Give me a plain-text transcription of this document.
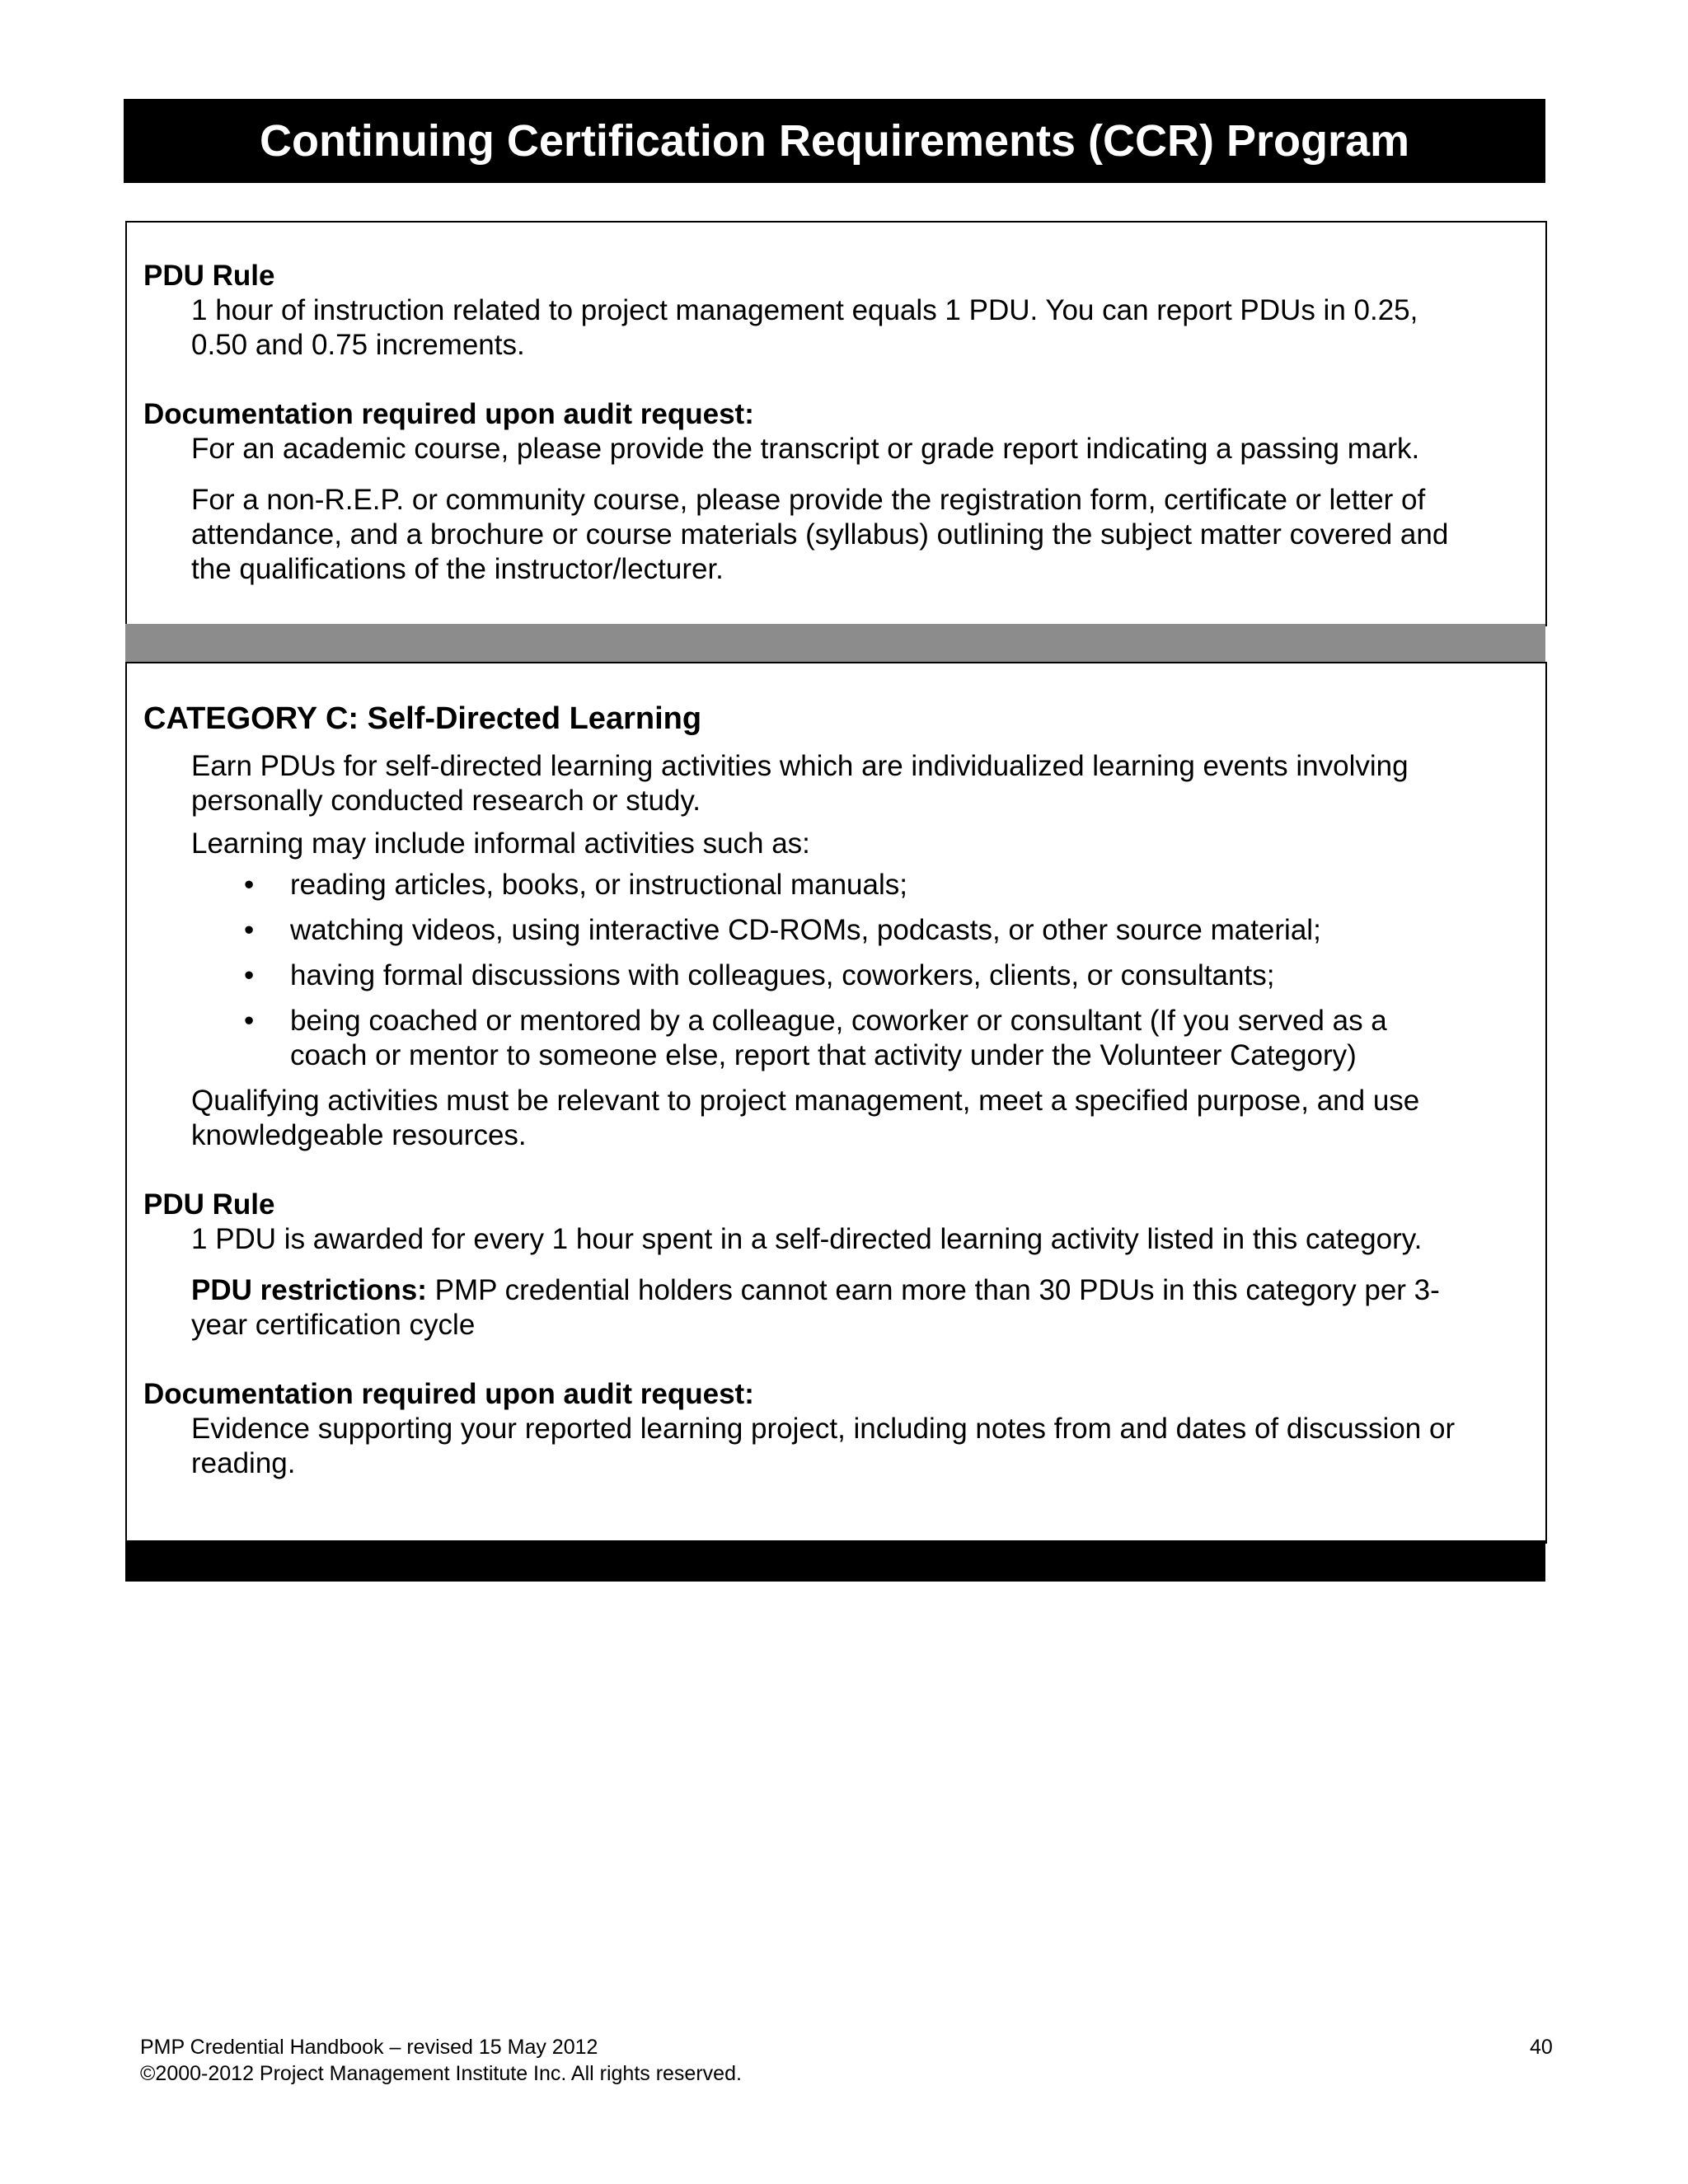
Continuing Certification Requirements (CCR) Program

PDU Rule

1 hour of instruction related to project management equals 1 PDU. You can report PDUs in 0.25,
0.50 and 0.75 increments.

Documentation required upon audit request:

For an academic course, please provide the transcript or grade report indicating a passing mark.

For a non-R.E.P. or community course, please provide the registration form, certificate or letter of
attendance, and a brochure or course materials (syllabus) outlining the subject matter covered and
the qualifications of the instructor/lecturer.

CATEGORY C: Self-Directed Learning

Earn PDUs for self-directed learning activities which are individualized learning events involving
personally conducted research or study.

Learning may include informal activities such as:

• reading articles, books, or instructional manuals;
• watching videos, using interactive CD-ROMs, podcasts, or other source material;
• having formal discussions with colleagues, coworkers, clients, or consultants;
• being coached or mentored by a colleague, coworker or consultant (If you served as a
coach or mentor to someone else, report that activity under the Volunteer Category)

Qualifying activities must be relevant to project management, meet a specified purpose, and use
knowledgeable resources.

PDU Rule

1 PDU is awarded for every 1 hour spent in a self-directed learning activity listed in this category.

PDU restrictions: PMP credential holders cannot earn more than 30 PDUs in this category per 3-
year certification cycle

Documentation required upon audit request:

Evidence supporting your reported learning project, including notes from and dates of discussion or
reading.

PMP Credential Handbook – revised 15 May 2012
©2000-2012 Project Management Institute Inc. All rights reserved.
40
